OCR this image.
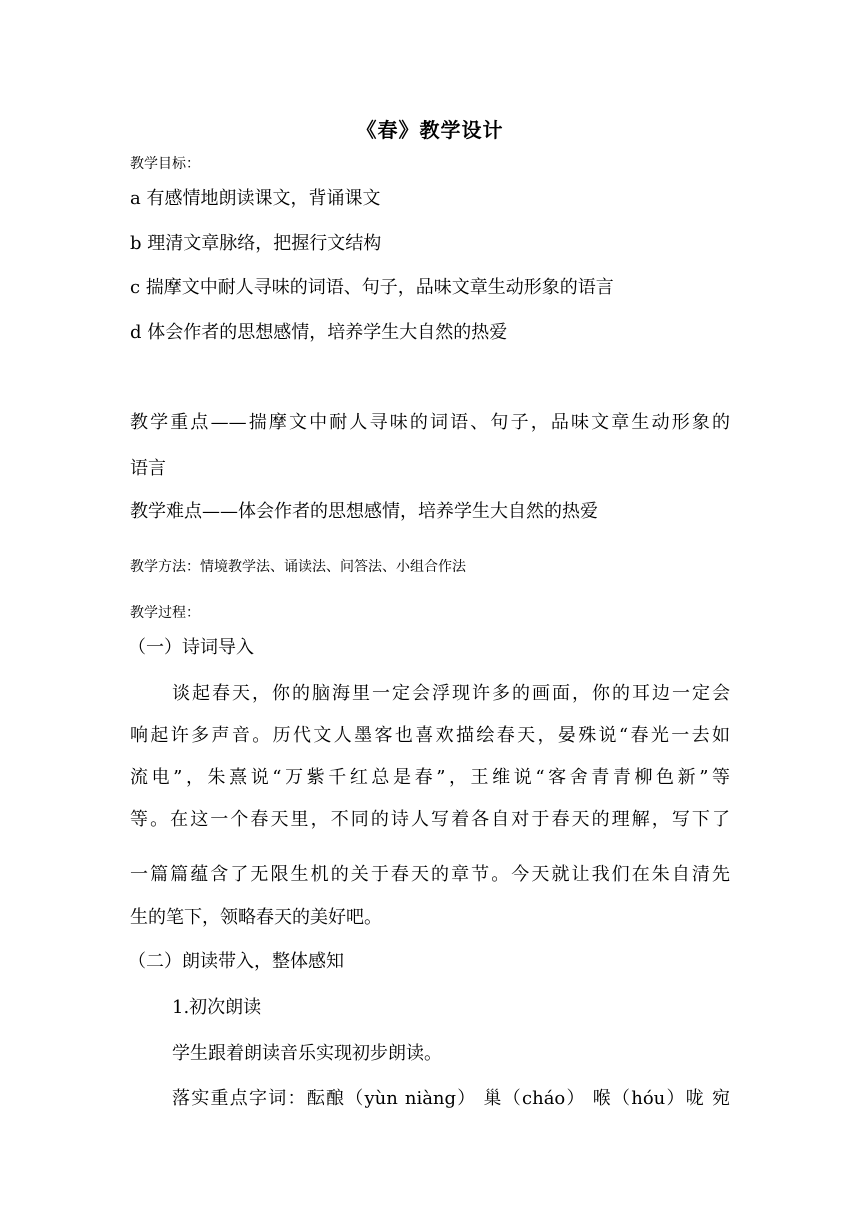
《春》教学设计
教学目标：
a 有感情地朗读课文，背诵课文
b 理清文章脉络，把握行文结构
c 揣摩文中耐人寻味的词语、句子，品味文章生动形象的语言
d 体会作者的思想感情，培养学生大自然的热爱
教学重点——揣摩文中耐人寻味的词语、句子，品味文章生动形象的
语言
教学难点——体会作者的思想感情，培养学生大自然的热爱
教学方法：情境教学法、诵读法、问答法、小组合作法
教学过程：
（一）诗词导入
谈起春天，你的脑海里一定会浮现许多的画面，你的耳边一定会
响起许多声音。历代文人墨客也喜欢描绘春天，晏殊说“春光一去如
流电”，朱熹说“万紫千红总是春”，王维说“客舍青青柳色新”等
等。在这一个春天里，不同的诗人写着各自对于春天的理解，写下了
一篇篇蕴含了无限生机的关于春天的章节。今天就让我们在朱自清先
生的笔下，领略春天的美好吧。
（二）朗读带入，整体感知
1.初次朗读
学生跟着朗读音乐实现初步朗读。
落实重点字词：酝酿（yùn niàng） 巢（cháo） 喉（hóu）咙 宛
